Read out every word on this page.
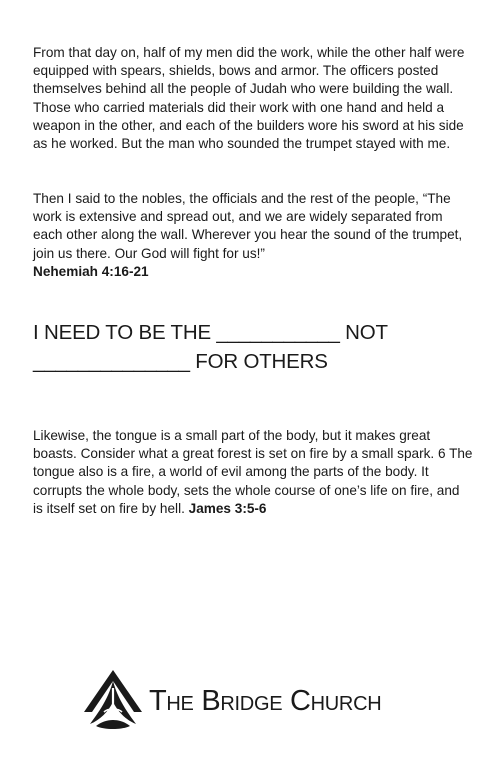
From that day on, half of my men did the work, while the other half were equipped with spears, shields, bows and armor. The officers posted themselves behind all the people of Judah who were building the wall. Those who carried materials did their work with one hand and held a weapon in the other, and each of the builders wore his sword at his side as he worked. But the man who sounded the trumpet stayed with me.

Then I said to the nobles, the officials and the rest of the people, “The work is extensive and spread out, and we are widely separated from each other along the wall. Wherever you hear the sound of the trumpet, join us there. Our God will fight for us!”
Nehemiah 4:16-21

I NEED TO BE THE ___________ NOT ______________ FOR OTHERS

Likewise, the tongue is a small part of the body, but it makes great boasts. Consider what a great forest is set on fire by a small spark. 6 The tongue also is a fire, a world of evil among the parts of the body. It corrupts the whole body, sets the whole course of one’s life on fire, and is itself set on fire by hell. James 3:5-6

The Bridge Church
